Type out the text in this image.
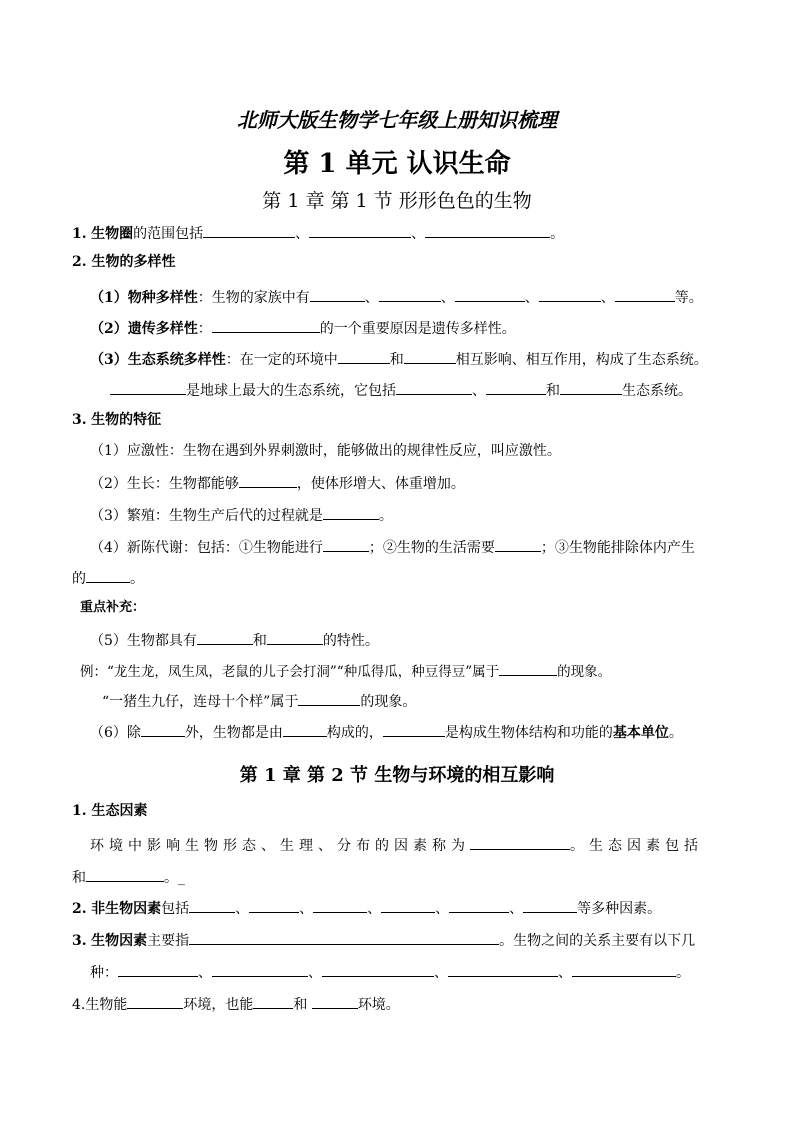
北师大版生物学七年级上册知识梳理
第 1 单元 认识生命
第 1 章 第 1 节 形形色色的生物
1. 生物圈的范围包括	、	、	。
2. 生物的多样性
（1）物种多样性：生物的家族中有	、	、	、	、	等。
（2）遗传多样性：	的一个重要原因是遗传多样性。
（3）生态系统多样性：在一定的环境中	和	相互影响、相互作用，构成了生态系统。
是地球上最大的生态系统，它包括	、	和	生态系统。
3. 生物的特征
（1）应激性：生物在遇到外界刺激时，能够做出的规律性反应，叫应激性。
（2）生长：生物都能够	，使体形增大、体重增加。
（3）繁殖：生物生产后代的过程就是	。
（4）新陈代谢：包括：①生物能进行	；②生物的生活需要	；③生物能排除体内产生
的	。
重点补充：
（5）生物都具有	和	的特性。
例：“龙生龙，凤生凤，老鼠的儿子会打洞”“种瓜得瓜，种豆得豆”属于	的现象。
“一猪生九仔，连母十个样”属于	的现象。
（6）除	外，生物都是由	构成的，	是构成生物体结构和功能的基本单位。
第 1 章 第 2 节 生物与环境的相互影响
1. 生态因素
环境中影响生物形态、生理、分布的因素称为	。生态因素包括
和	。_
2. 非生物因素包括	、	、	、	、	、	等多种因素。
3. 生物因素主要指	。生物之间的关系主要有以下几
种：	、	、	、	、	。
4.生物能	环境，也能	和	环境。
